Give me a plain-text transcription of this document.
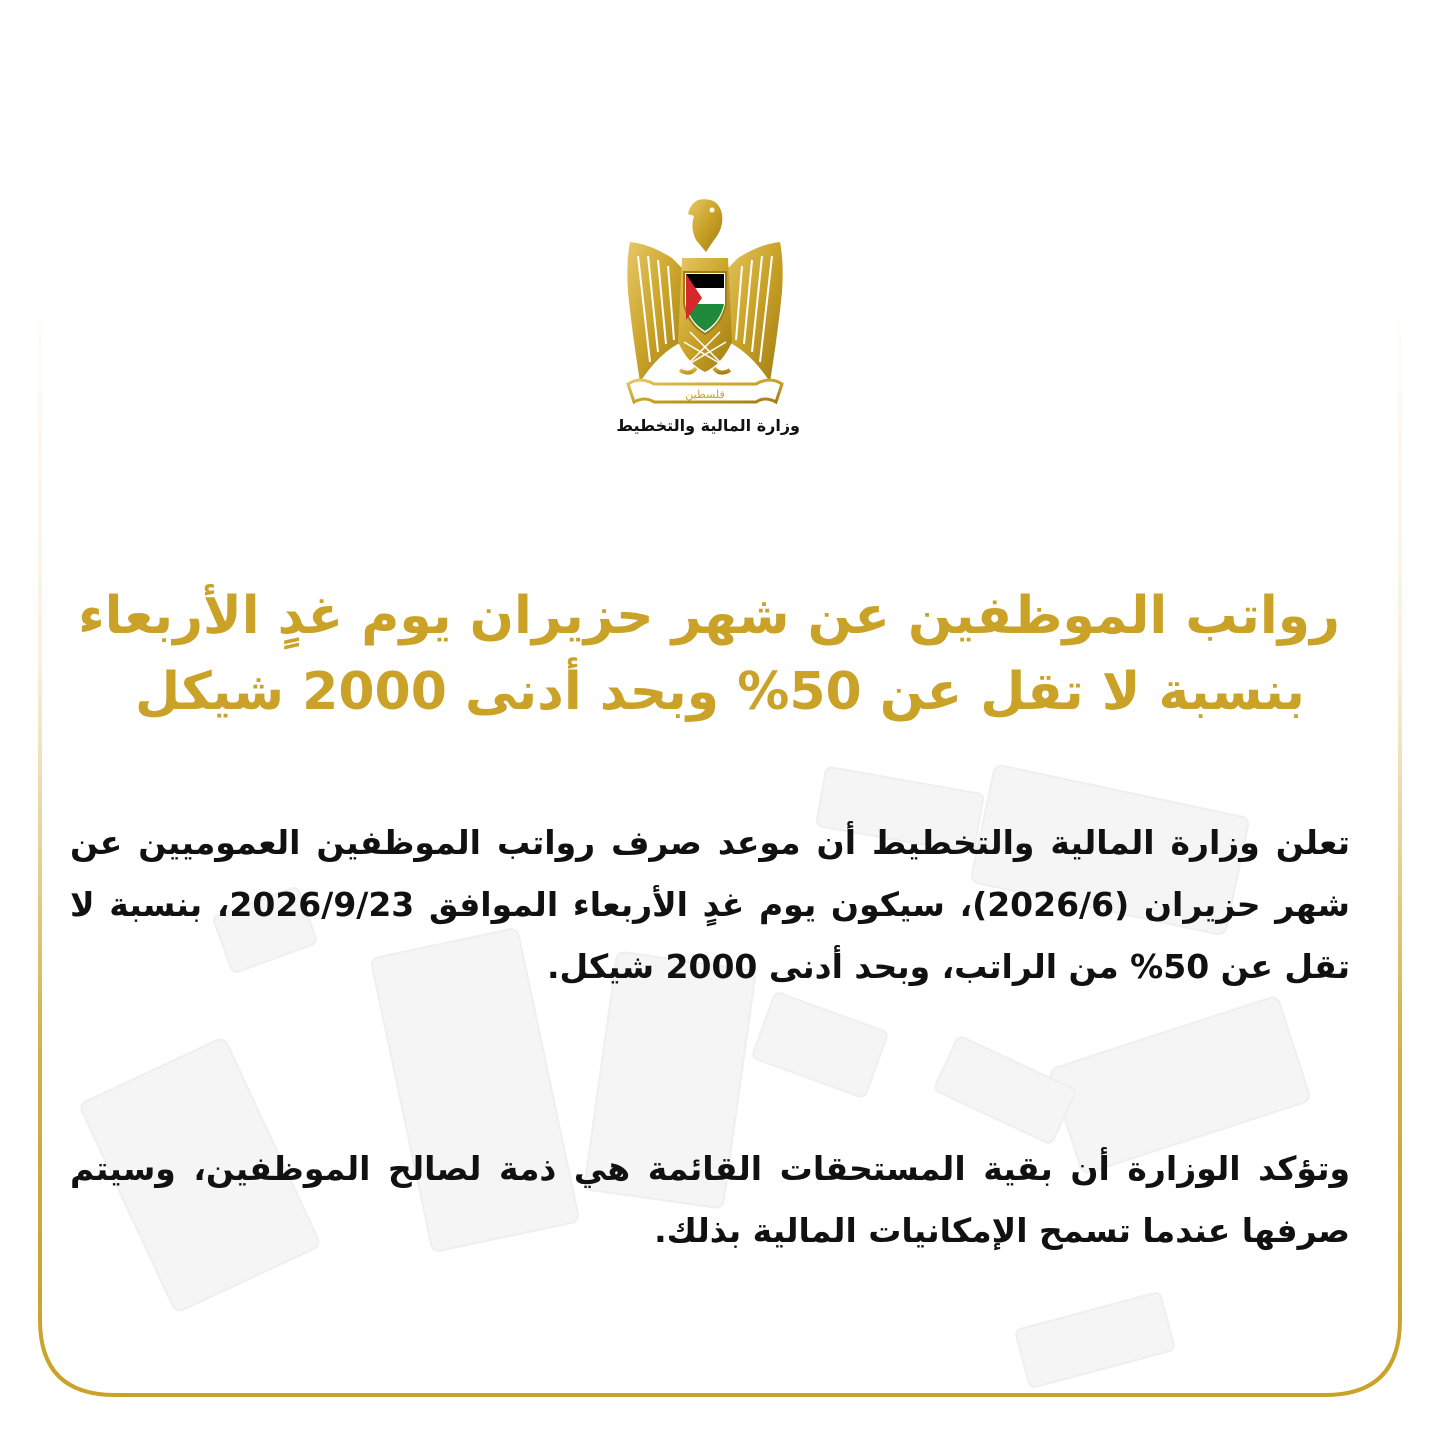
فلسطين
وزارة المالية والتخطيط
رواتب الموظفين عن شهر حزيران يوم غدٍ الأربعاء
بنسبة لا تقل عن 50% وبحد أدنى 2000 شيكل
تعلن وزارة المالية والتخطيط أن موعد صرف رواتب الموظفين العموميين عن شهر حزيران (2026/6)، سيكون يوم غدٍ الأربعاء الموافق 2026/9/23، بنسبة لا تقل عن 50% من الراتب، وبحد أدنى 2000 شيكل.
وتؤكد الوزارة أن بقية المستحقات القائمة هي ذمة لصالح الموظفين، وسيتم صرفها عندما تسمح الإمكانيات المالية بذلك.
